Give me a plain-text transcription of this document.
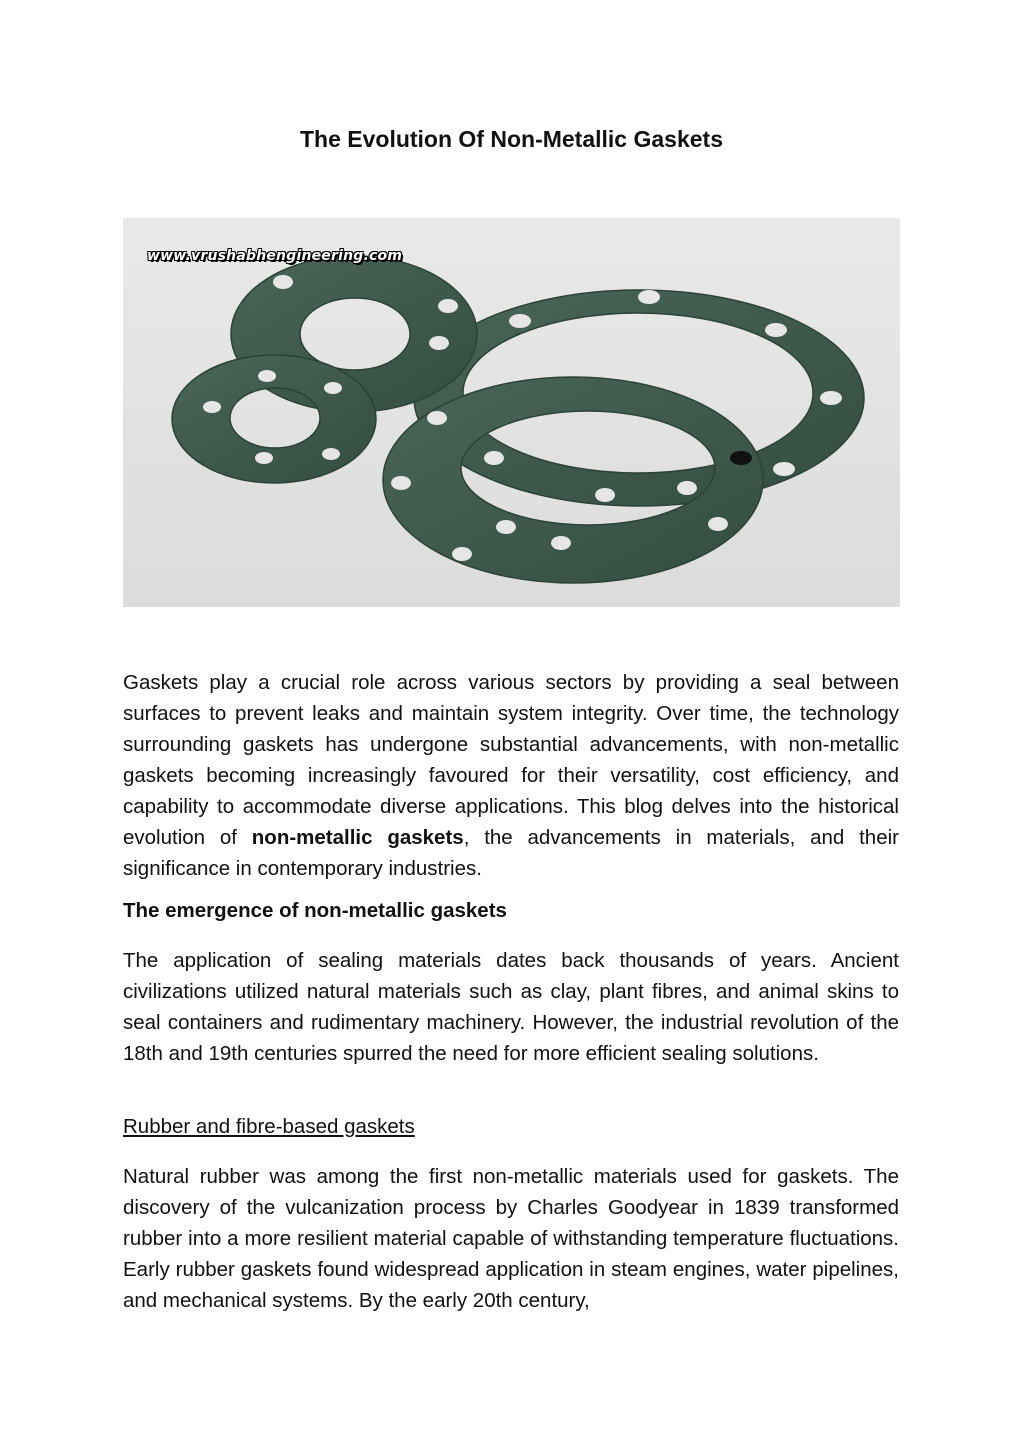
The Evolution Of Non-Metallic Gaskets
www.vrushabhengineering.com

Gaskets play a crucial role across various sectors by providing a seal between surfaces to prevent leaks and maintain system integrity. Over time, the technology surrounding gaskets has undergone substantial advancements, with non-metallic gaskets becoming increasingly favoured for their versatility, cost efficiency, and capability to accommodate diverse applications. This blog delves into the historical evolution of non-metallic gaskets, the advancements in materials, and their significance in contemporary industries.

The emergence of non-metallic gaskets

The application of sealing materials dates back thousands of years. Ancient civilizations utilized natural materials such as clay, plant fibres, and animal skins to seal containers and rudimentary machinery. However, the industrial revolution of the 18th and 19th centuries spurred the need for more efficient sealing solutions.

Rubber and fibre-based gaskets

Natural rubber was among the first non-metallic materials used for gaskets. The discovery of the vulcanization process by Charles Goodyear in 1839 transformed rubber into a more resilient material capable of withstanding temperature fluctuations. Early rubber gaskets found widespread application in steam engines, water pipelines, and mechanical systems. By the early 20th century,
